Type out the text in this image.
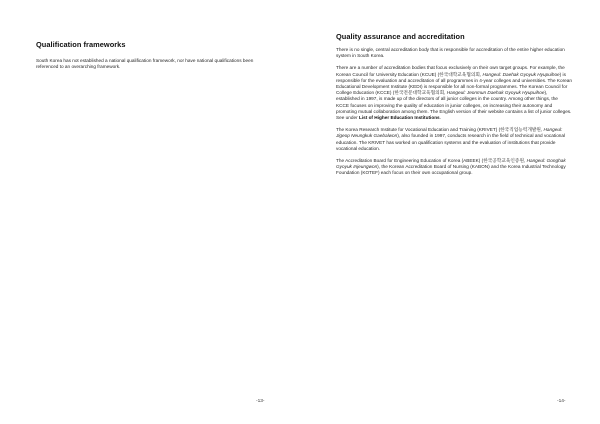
Qualification frameworks

South Korea has not established a national qualification framework, nor have national qualifications been referenced to an overarching framework.

-13-
Quality assurance and accreditation

There is no single, central accreditation body that is responsible for accreditation of the entire higher education system in South Korea.

There are a number of accreditation bodies that focus exclusively on their own target groups. For example, the Korean Council for University Education (KCUE) (한국대학교육협의회, Hangeul: Daehak Gyoyuk Hyupuihoe) is responsible for the evaluation and accreditation of all programmes in 4-year colleges and universities. The Korean Educational Development Institute (KEDI) is responsible for all non-formal programmes. The Korean Council for College Education (KCCE) (한국전문대학교육협의회, Hangeul: Jeonmun Daehak Gyoyuk Hyupuihoe), established in 1997, is made up of the directors of all junior colleges in the country. Among other things, the KCCE focuses on improving the quality of education in junior colleges, on increasing their autonomy and promoting mutual collaboration among them. The English version of their website contains a list of junior colleges. See under List of Higher Education Institutions.

The Korea Research Institute for Vocational Education and Training (KRIVET) (한국직업능력개발원, Hangeul: Jigeop Neungkuk Gaebalwon), also founded in 1997, conducts research in the field of technical and vocational education. The KRIVET has worked on qualification systems and the evaluation of institutions that provide vocational education.

The Accreditation Board for Engineering Education of Korea (ABEEK) (한국공학교육인증원, Hangeul: Gonghak Gyoyuk Injeungwon), the Korean Accreditation Board of Nursing (KABON) and the Korea Industrial Technology Foundation (KOTEF) each focus on their own occupational group.

-14-
